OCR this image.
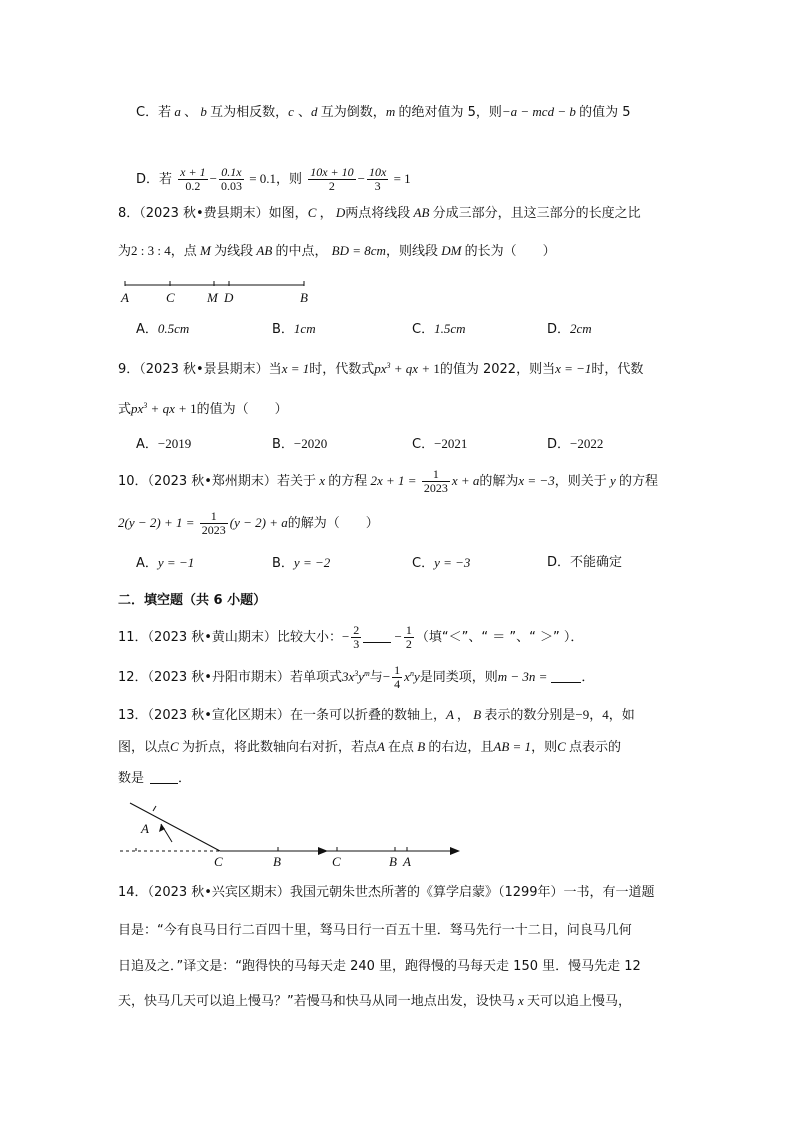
C．若 a 、 b 互为相反数，c 、d 互为倒数，m 的绝对值为 5，则−a − mcd − b 的值为 5
D．若 $\frac{x + 1}{0.2} - \frac{0.1x}{0.03} = 0.1$，则 $\frac{10x + 10}{2} - \frac{10x}{3} = 1$
8．（2023 秋•费县期末）如图，C ， D两点将线段 AB 分成三部分，且这三部分的长度之比
为2 : 3 : 4，点 M 为线段 AB 的中点， BD = 8cm，则线段 DM 的长为（　　）
A	C M D	B
A．0.5cm	B．1cm	C．1.5cm	D．2cm
9．（2023 秋•景县期末）当x = 1时，代数式$px^3$ + qx + 1的值为 2022，则当x = −1时，代数
式$px^3$ + qx + 1的值为（　　）
A．−2019	B．−2020	C．−2021	D．−2022
10．（2023 秋•郑州期末）若关于 x 的方程 $2x + 1 = \frac{1}{2023}$ x + a的解为x = −3，则关于 y 的方程
$2(y - 2) + 1 = \frac{1}{2023} (y - 2) + a$的解为（　　）
A．y = −1	B．y = −2	C．y = −3	D．不能确定
二．填空题（共 6 小题）
11．（2023 秋•黄山期末）比较大小：− $\frac{2}{3} - \frac{1}{2}$ （填“＜”、“ ＝ ”、“ ＞” ）．
12．（2023 秋•丹阳市期末）若单项式$3x^3y^m$与− $\frac{1}{4} x^ny$是同类项，则m − 3n =	．
13．（2023 秋•宣化区期末）在一条可以折叠的数轴上，A ， B 表示的数分别是−9，4，如
图，以点C 为折点，将此数轴向右对折，若点A 在点 B 的右边，且AB = 1，则C 点表示的
数是	．
A
C	B	C	B A
14．（2023 秋•兴宾区期末）我国元朝朱世杰所著的《算学启蒙》（1299年）一书，有一道题
目是：“今有良马日行二百四十里，驽马日行一百五十里．驽马先行一十二日，问良马几何
日追及之．”译文是：“跑得快的马每天走 240 里，跑得慢的马每天走 150 里．慢马先走 12
天，快马几天可以追上慢马？”若慢马和快马从同一地点出发，设快马 x 天可以追上慢马，
